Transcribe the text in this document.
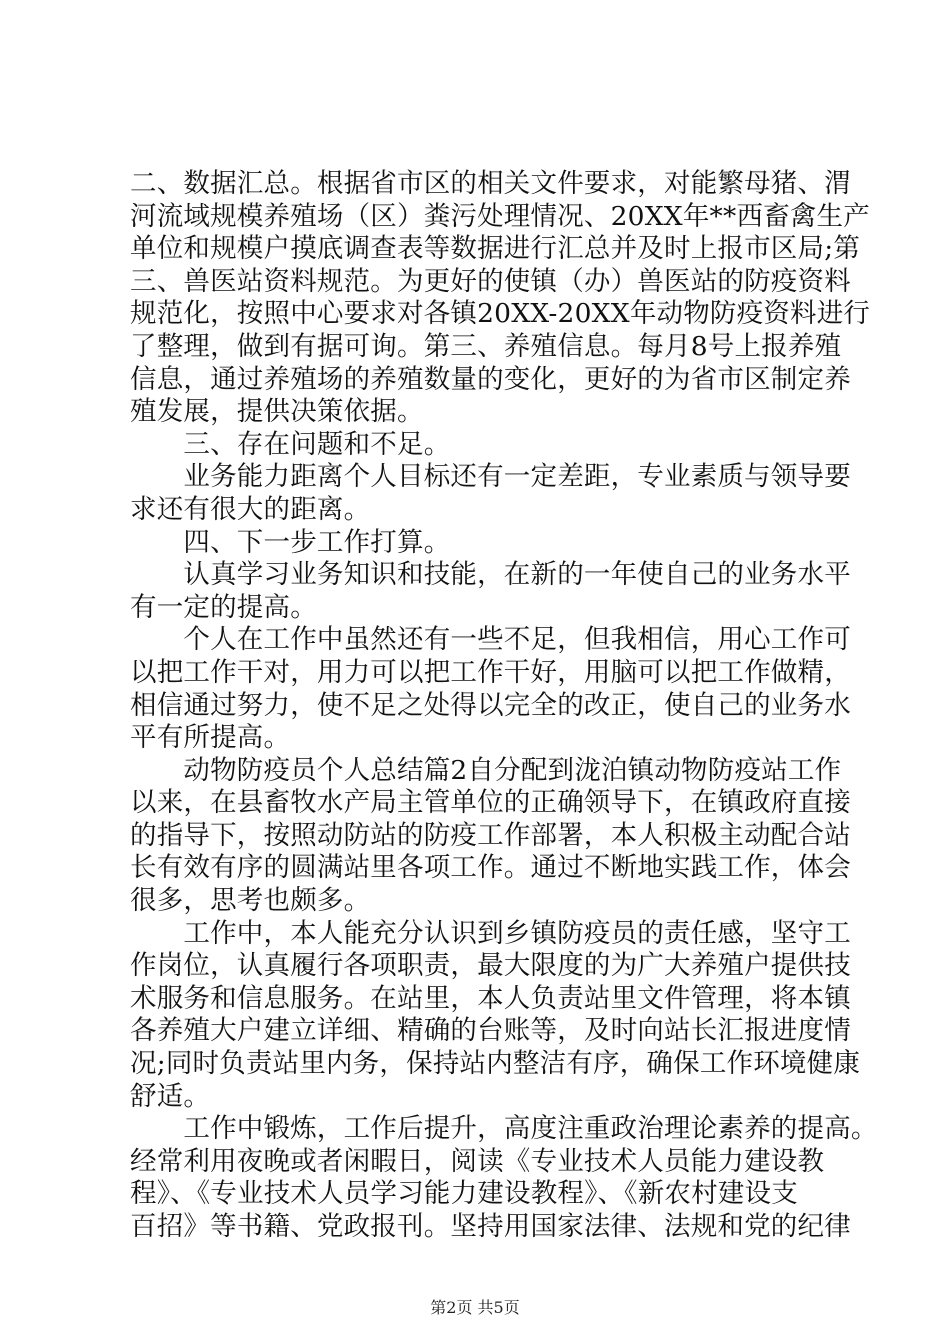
二、数据汇总。根据省市区的相关文件要求，对能繁母猪、渭
河流域规模养殖场（区）粪污处理情况、20XX年**西畜禽生产
单位和规模户摸底调查表等数据进行汇总并及时上报市区局;第
三、兽医站资料规范。为更好的使镇（办）兽医站的防疫资料
规范化，按照中心要求对各镇20XX-20XX年动物防疫资料进行
了整理，做到有据可询。第三、养殖信息。每月8号上报养殖
信息，通过养殖场的养殖数量的变化，更好的为省市区制定养
殖发展，提供决策依据。
　　三、存在问题和不足。
　　业务能力距离个人目标还有一定差距，专业素质与领导要
求还有很大的距离。
　　四、下一步工作打算。
　　认真学习业务知识和技能，在新的一年使自己的业务水平
有一定的提高。
　　个人在工作中虽然还有一些不足，但我相信，用心工作可
以把工作干对，用力可以把工作干好，用脑可以把工作做精，
相信通过努力，使不足之处得以完全的改正，使自己的业务水
平有所提高。
　　动物防疫员个人总结篇2自分配到泷泊镇动物防疫站工作
以来，在县畜牧水产局主管单位的正确领导下，在镇政府直接
的指导下，按照动防站的防疫工作部署，本人积极主动配合站
长有效有序的圆满站里各项工作。通过不断地实践工作，体会
很多，思考也颇多。
　　工作中，本人能充分认识到乡镇防疫员的责任感，坚守工
作岗位，认真履行各项职责，最大限度的为广大养殖户提供技
术服务和信息服务。在站里，本人负责站里文件管理，将本镇
各养殖大户建立详细、精确的台账等，及时向站长汇报进度情
况;同时负责站里内务，保持站内整洁有序，确保工作环境健康
舒适。
　　工作中锻炼，工作后提升，高度注重政治理论素养的提高。
经常利用夜晚或者闲暇日，阅读《专业技术人员能力建设教
程》、《专业技术人员学习能力建设教程》、《新农村建设支
百招》等书籍、党政报刊。坚持用国家法律、法规和党的纪律
第2页 共5页
